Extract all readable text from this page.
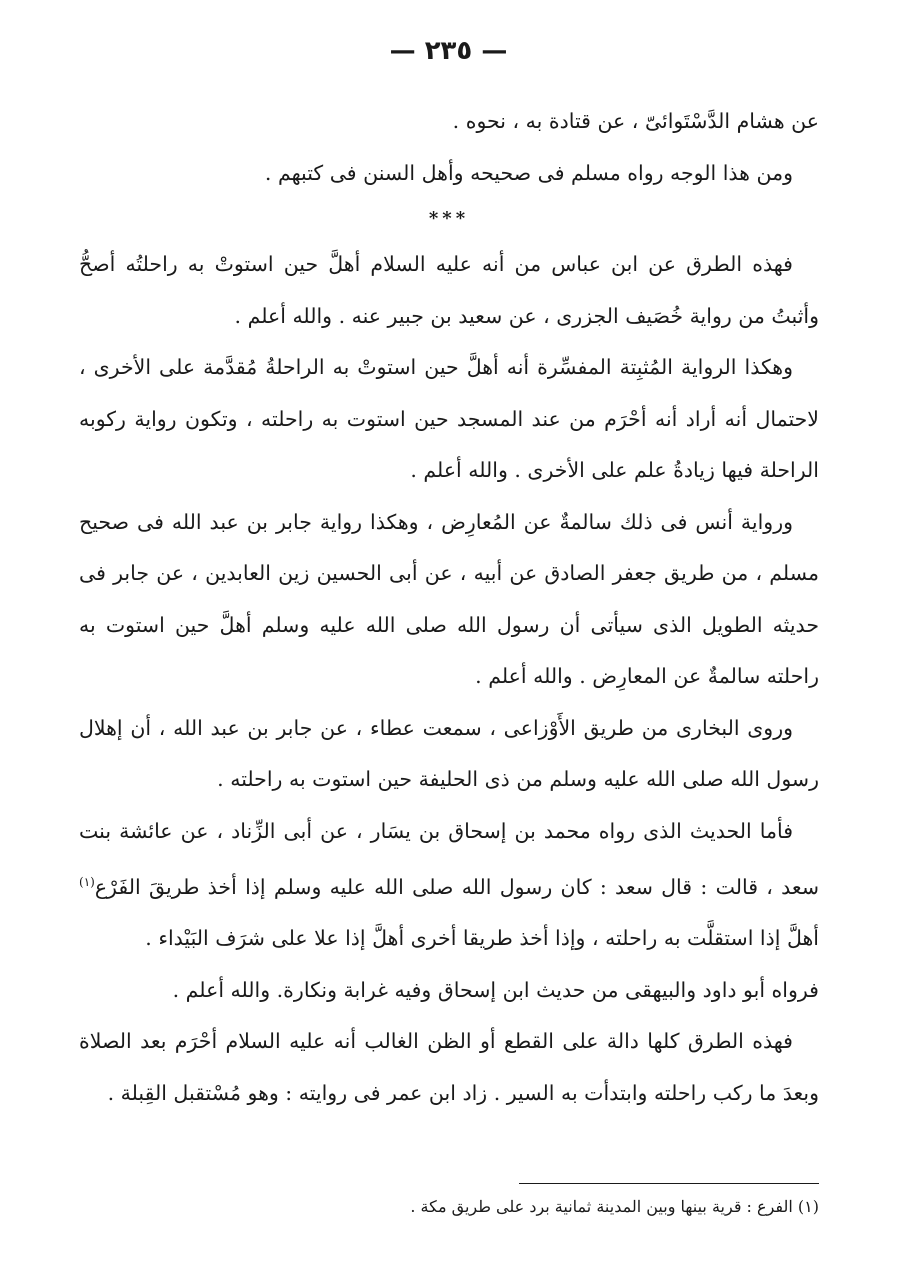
— ٢٣٥ —

عن هشام الدَّسْتَوائىّ ، عن قتادة به ، نحوه .

ومن هذا الوجه رواه مسلم فى صحيحه وأهل السنن فى كتبهم .

***

فهذه الطرق عن ابن عباس من أنه عليه السلام أهلَّ حين استوتْ به راحلتُه أصحُّ وأثبتُ من رواية خُصَيف الجزرى ، عن سعيد بن جبير عنه . والله أعلم .

وهكذا الرواية المُثبِتة المفسِّرة أنه أهلَّ حين استوتْ به الراحلةُ مُقدَّمة على الأخرى ، لاحتمال أنه أراد أنه أحْرَم من عند المسجد حين استوت به راحلته ، وتكون رواية ركوبه الراحلة فيها زيادةُ علم على الأخرى . والله أعلم .

ورواية أنس فى ذلك سالمةٌ عن المُعارِض ، وهكذا رواية جابر بن عبد الله فى صحيح مسلم ، من طريق جعفر الصادق عن أبيه ، عن أبى الحسين زين العابدين ، عن جابر فى حديثه الطويل الذى سيأتى أن رسول الله صلى الله عليه وسلم أهلَّ حين استوت به راحلته سالمةٌ عن المعارِض . والله أعلم .

وروى البخارى من طريق الأَوْزاعى ، سمعت عطاء ، عن جابر بن عبد الله ، أن إهلال رسول الله صلى الله عليه وسلم من ذى الحليفة حين استوت به راحلته .

فأما الحديث الذى رواه محمد بن إسحاق بن يسَار ، عن أبى الزِّناد ، عن عائشة بنت سعد ، قالت : قال سعد : كان رسول الله صلى الله عليه وسلم إذا أخذ طريقَ الفَرْع$^{(١)}$ أهلَّ إذا استقلَّت به راحلته ، وإذا أخذ طريقا أخرى أهلَّ إذا علا على شرَف البَيْداء .

فرواه أبو داود والبيهقى من حديث ابن إسحاق وفيه غرابة ونكارة. والله أعلم .

فهذه الطرق كلها دالة على القطع أو الظن الغالب أنه عليه السلام أحْرَم بعد الصلاة وبعدَ ما ركب راحلته وابتدأت به السير . زاد ابن عمر فى روايته : وهو مُسْتقبل القِبلة .

(١) الفرع : قرية بينها وبين المدينة ثمانية برد على طريق مكة .
